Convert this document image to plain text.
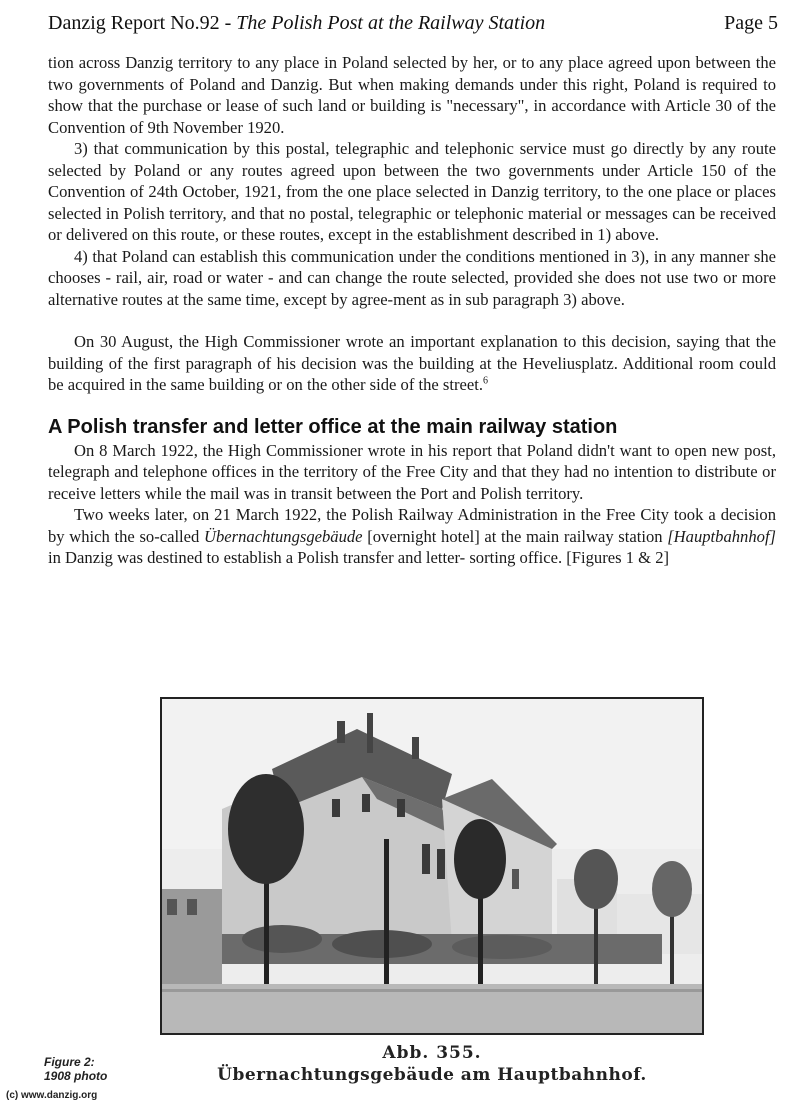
Danzig Report No.92 - The Polish Post at the Railway Station	Page 5

tion across Danzig territory to any place in Poland selected by her, or to any place agreed upon between the two governments of Poland and Danzig. But when making demands under this right, Poland is required to show that the purchase or lease of such land or building is "necessary", in accordance with Article 30 of the Convention of 9th November 1920.

3) that communication by this postal, telegraphic and telephonic service must go directly by any route selected by Poland or any routes agreed upon between the two governments under Article 150 of the Convention of 24th October, 1921, from the one place selected in Danzig territory, to the one place or places selected in Polish territory, and that no postal, telegraphic or telephonic material or messages can be received or delivered on this route, or these routes, except in the establishment described in 1) above.

4) that Poland can establish this communication under the conditions mentioned in 3), in any manner she chooses - rail, air, road or water - and can change the route selected, provided she does not use two or more alternative routes at the same time, except by agree-ment as in sub paragraph 3) above.

On 30 August, the High Commissioner wrote an important explanation to this decision, saying that the building of the first paragraph of his decision was the building at the Heveliusplatz. Additional room could be acquired in the same building or on the other side of the street.$^6$

A Polish transfer and letter office at the main railway station

On 8 March 1922, the High Commissioner wrote in his report that Poland didn't want to open new post, telegraph and telephone offices in the territory of the Free City and that they had no intention to distribute or receive letters while the mail was in transit between the Port and Polish territory.

Two weeks later, on 21 March 1922, the Polish Railway Administration in the Free City took a decision by which the so-called Übernachtungsgebäude [overnight hotel] at the main railway station [Hauptbahnhof] in Danzig was destined to establish a Polish transfer and letter- sorting office. [Figures 1 & 2]

Abb. 355.
Übernachtungsgebäude am Hauptbahnhof.
Figure 2:
1908 photo
(c) www.danzig.org
